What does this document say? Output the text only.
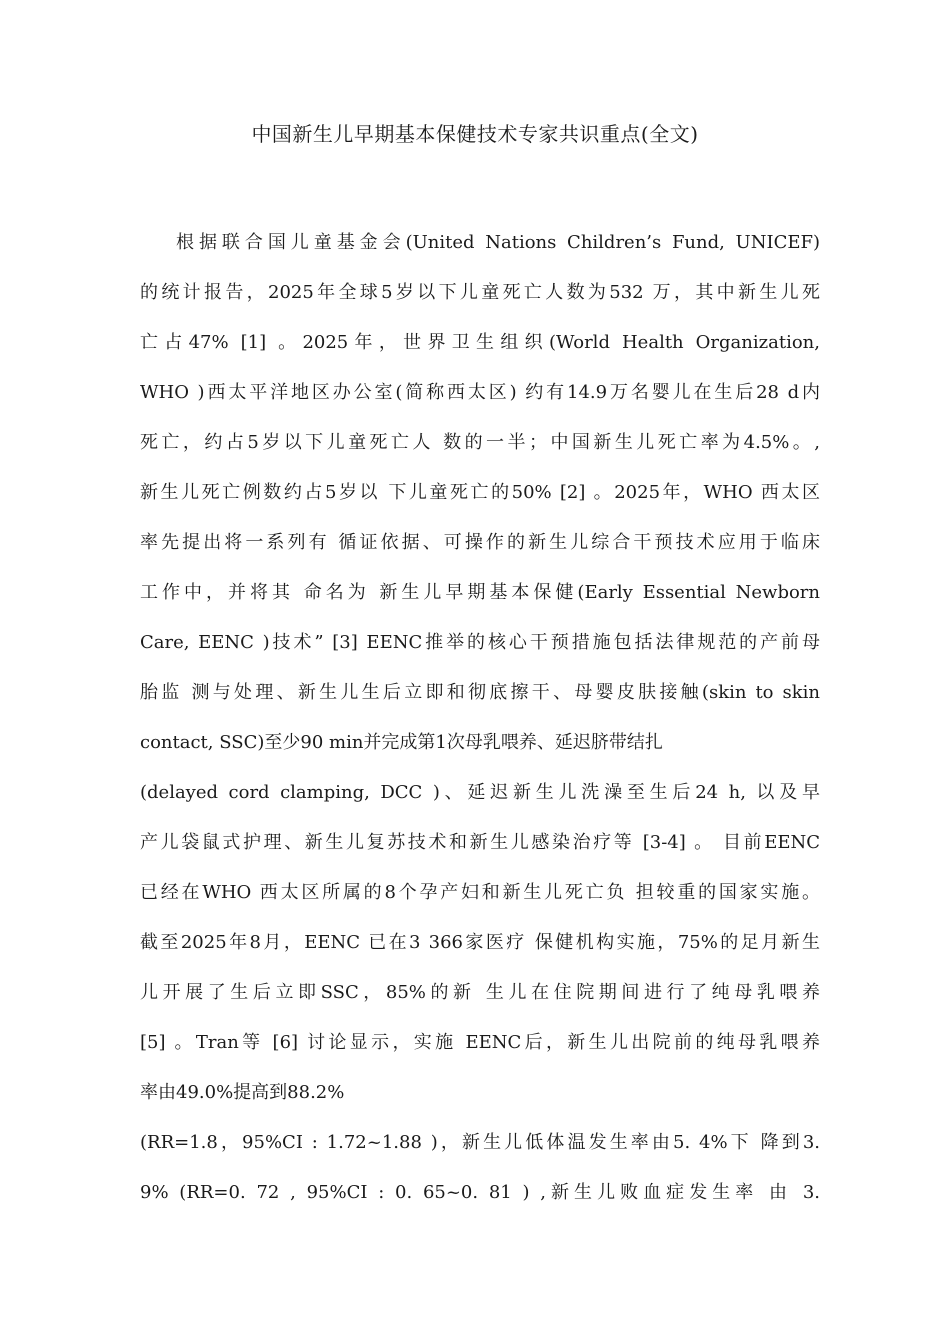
中国新生儿早期基本保健技术专家共识重点(全文)
根据联合国儿童基金会(United Nations Children’s Fund, UNICEF)
的统计报告，2025年全球5岁以下儿童死亡人数为532 万，其中新生儿死
亡占47% [1] 。2025年，世界卫生组织(World Health Organization,
WHO )西太平洋地区办公室(简称西太区) 约有14.9万名婴儿在生后28 d内
死亡，约占5岁以下儿童死亡人 数的一半；中国新生儿死亡率为4.5%。,
新生儿死亡例数约占5岁以 下儿童死亡的50% [2] 。2025年，WHO 西太区
率先提出将一系列有 循证依据、可操作的新生儿综合干预技术应用于临床
工作中，并将其 命名为 新生儿早期基本保健(Early Essential Newborn
Care, EENC )技术” [3] EENC推举的核心干预措施包括法律规范的产前母
胎监 测与处理、新生儿生后立即和彻底擦干、母婴皮肤接触(skin to skin
contact, SSC)至少90 min并完成第1次母乳喂养、延迟脐带结扎
(delayed cord clamping, DCC )、延迟新生儿洗澡至生后24 h, 以及早
产儿袋鼠式护理、新生儿复苏技术和新生儿感染治疗等 [3-4] 。 目前EENC
已经在WHO 西太区所属的8个孕产妇和新生儿死亡负 担较重的国家实施。
截至2025年8月，EENC 已在3 366家医疗 保健机构实施，75%的足月新生
儿开展了生后立即SSC，85%的新 生儿在住院期间进行了纯母乳喂养
[5] 。Tran等 [6] 讨论显示，实施 EENC后，新生儿出院前的纯母乳喂养
率由49.0%提高到88.2%
(RR=1.8，95%CI : 1.72~1.88 )，新生儿低体温发生率由5. 4%下 降到3.
9% (RR=0. 72 , 95%CI : 0. 65~0. 81 ) ,新生儿败血症发生率 由 3.
